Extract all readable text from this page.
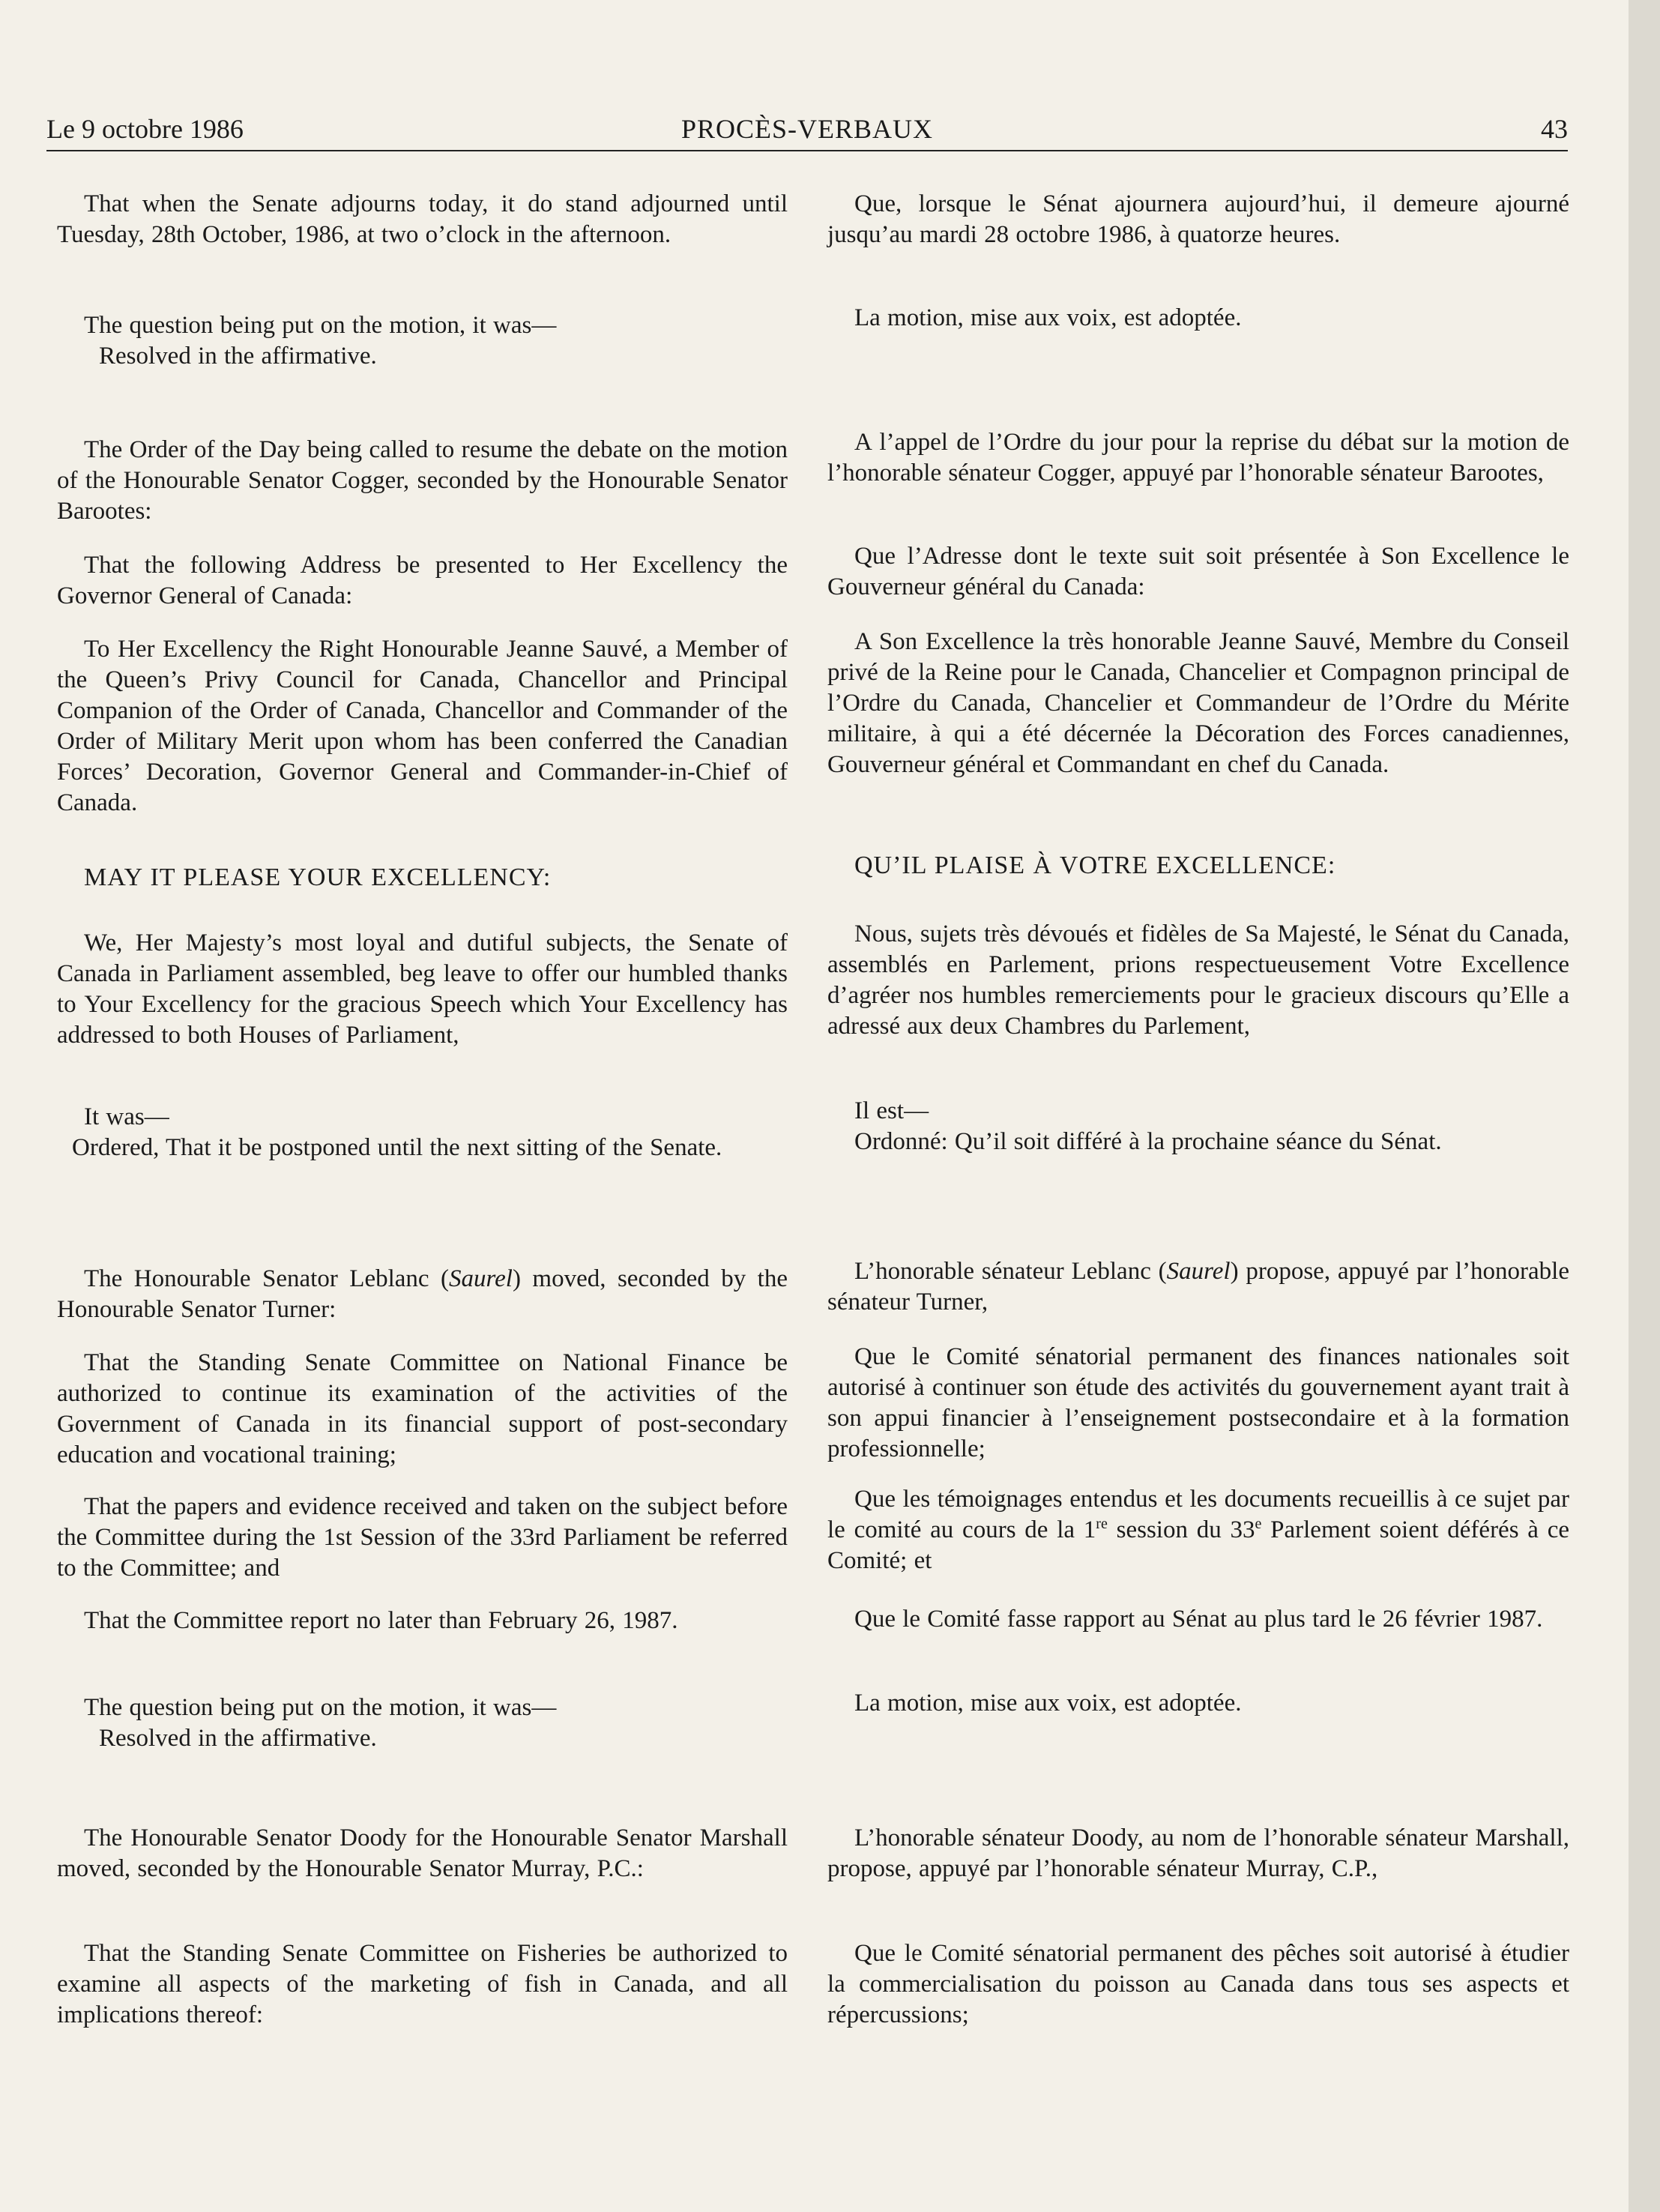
Le 9 octobre 1986	PROCÈS-VERBAUX	43

That when the Senate adjourns today, it do stand adjourned until Tuesday, 28th October, 1986, at two o’clock in the afternoon.

The question being put on the motion, it was—
Resolved in the affirmative.

The Order of the Day being called to resume the debate on the motion of the Honourable Senator Cogger, seconded by the Honourable Senator Barootes:

That the following Address be presented to Her Excellency the Governor General of Canada:

To Her Excellency the Right Honourable Jeanne Sauvé, a Member of the Queen’s Privy Council for Canada, Chancellor and Principal Companion of the Order of Canada, Chancellor and Commander of the Order of Military Merit upon whom has been conferred the Canadian Forces’ Decoration, Governor General and Commander-in-Chief of Canada.

MAY IT PLEASE YOUR EXCELLENCY:

We, Her Majesty’s most loyal and dutiful subjects, the Senate of Canada in Parliament assembled, beg leave to offer our humbled thanks to Your Excellency for the gracious Speech which Your Excellency has addressed to both Houses of Parliament,

It was—
Ordered, That it be postponed until the next sitting of the Senate.

The Honourable Senator Leblanc (Saurel) moved, seconded by the Honourable Senator Turner:

That the Standing Senate Committee on National Finance be authorized to continue its examination of the activities of the Government of Canada in its financial support of post-secondary education and vocational training;

That the papers and evidence received and taken on the subject before the Committee during the 1st Session of the 33rd Parliament be referred to the Committee; and

That the Committee report no later than February 26, 1987.

The question being put on the motion, it was—
Resolved in the affirmative.

The Honourable Senator Doody for the Honourable Senator Marshall moved, seconded by the Honourable Senator Murray, P.C.:

That the Standing Senate Committee on Fisheries be authorized to examine all aspects of the marketing of fish in Canada, and all implications thereof:

Que, lorsque le Sénat ajournera aujourd’hui, il demeure ajourné jusqu’au mardi 28 octobre 1986, à quatorze heures.

La motion, mise aux voix, est adoptée.

A l’appel de l’Ordre du jour pour la reprise du débat sur la motion de l’honorable sénateur Cogger, appuyé par l’honorable sénateur Barootes,

Que l’Adresse dont le texte suit soit présentée à Son Excellence le Gouverneur général du Canada:

A Son Excellence la très honorable Jeanne Sauvé, Membre du Conseil privé de la Reine pour le Canada, Chancelier et Compagnon principal de l’Ordre du Canada, Chancelier et Commandeur de l’Ordre du Mérite militaire, à qui a été décernée la Décoration des Forces canadiennes, Gouverneur général et Commandant en chef du Canada.

QU’IL PLAISE À VOTRE EXCELLENCE:

Nous, sujets très dévoués et fidèles de Sa Majesté, le Sénat du Canada, assemblés en Parlement, prions respectueusement Votre Excellence d’agréer nos humbles remerciements pour le gracieux discours qu’Elle a adressé aux deux Chambres du Parlement,

Il est—
Ordonné: Qu’il soit différé à la prochaine séance du Sénat.

L’honorable sénateur Leblanc (Saurel) propose, appuyé par l’honorable sénateur Turner,

Que le Comité sénatorial permanent des finances nationales soit autorisé à continuer son étude des activités du gouvernement ayant trait à son appui financier à l’enseignement postsecondaire et à la formation professionnelle;

Que les témoignages entendus et les documents recueillis à ce sujet par le comité au cours de la 1re session du 33e Parlement soient déférés à ce Comité; et

Que le Comité fasse rapport au Sénat au plus tard le 26 février 1987.

La motion, mise aux voix, est adoptée.

L’honorable sénateur Doody, au nom de l’honorable sénateur Marshall, propose, appuyé par l’honorable sénateur Murray, C.P.,

Que le Comité sénatorial permanent des pêches soit autorisé à étudier la commercialisation du poisson au Canada dans tous ses aspects et répercussions;
